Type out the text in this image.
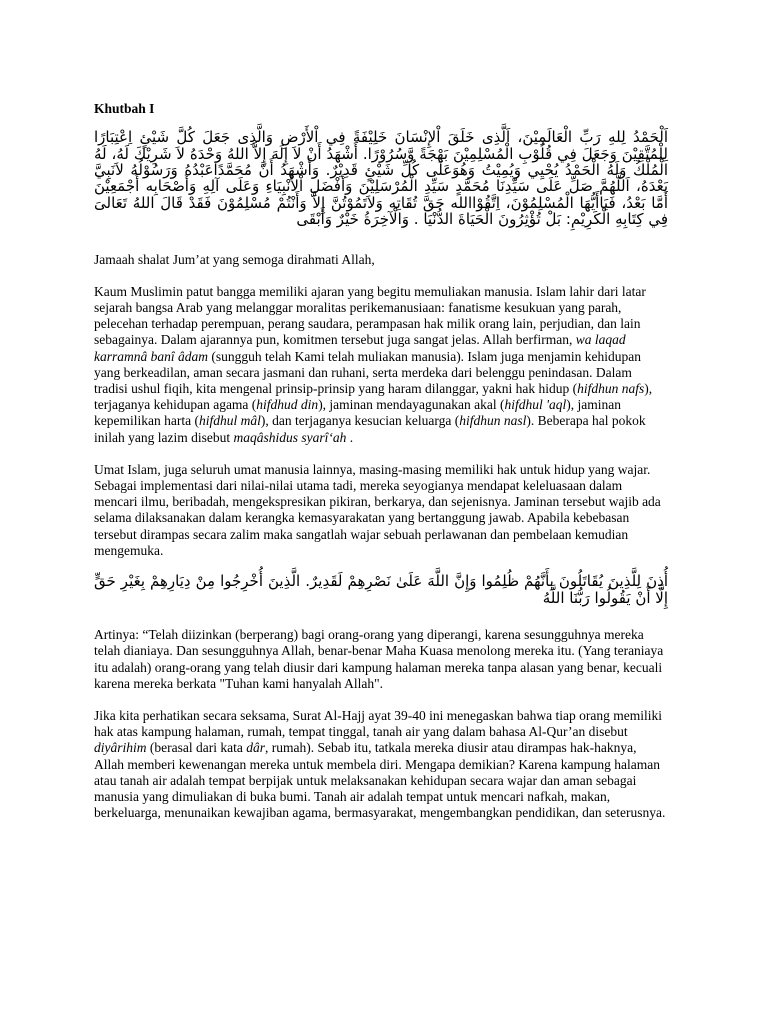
Khutbah I
اَلْحَمْدُ لِلهِ رَبِّ الْعَالَمِيْنَ، اَلَّذِى خَلَقَ اْلإِنْسَانَ خَلِيْفَةً فِي اْلأَرْضِ وَالَّذِى جَعَلَ كُلَّ شَيْئٍ اِعْتِبَارًا لِلْمُتَّقِيْنَ وَجَعَلَ فِي قُلُوْبِ الْمُسْلِمِيْنَ بَهْجَةً وَّسُرُوْرًا. أَشْهَدُ أَنْ لاَ إِلَهَ إِلاَّ اللهُ وَحْدَهُ لاَ شَرِيْكَ لَهُ، لَهُ الْمُلْكُ وَلَهُ الْحَمْدُ يُحْيِي وَيُمِيْتُ وَهُوَعَلَى كُلِّ شَيْئٍ قَدِيْرٌ. وَأَشْهَدُ أَنَّ مُحَمَّدًاعَبْدُهُ وَرَسُوْلُهُ لاَنَبِيَّ بَعْدَهُ، اَللَّهُمَّ صَلِّ عَلَى سَيِّدِنَا مُحَمَّدٍ سَيِّدِ الْمُرْسَلِيْنَ وَأَفْضَلِ اْلأَنْبِيَاءِ وَعَلَى آلِهِ وَأَصْحَابِه أَجْمَعِيْنَ أَمَّا بَعْدُ، فَيَاأَيُّهَا الْمُسْلِمُوْنَ، اِتَّقُوْاالله حَقَّ تُقَاتِه وَلاَتَمُوْتُنَّ إِلاَّ وَأَنْتُمْ مُسْلِمُوْنَ فَقَدْ قَالَ اللهُ تَعَالىَ فِي كِتَابِهِ الْكَرِيْمِ: بَلْ تُؤْثِرُونَ الْحَيَاةَ الدُّنْيَا . وَالْآخِرَةُ خَيْرٌ وَأَبْقَى

Jamaah shalat Jum’at yang semoga dirahmati Allah,

Kaum Muslimin patut bangga memiliki ajaran yang begitu memuliakan manusia. Islam lahir dari latar sejarah bangsa Arab yang melanggar moralitas perikemanusiaan: fanatisme kesukuan yang parah, pelecehan terhadap perempuan, perang saudara, perampasan hak milik orang lain, perjudian, dan lain sebagainya. Dalam ajarannya pun, komitmen tersebut juga sangat jelas. Allah berfirman, wa laqad karramnâ banî âdam (sungguh telah Kami telah muliakan manusia). Islam juga menjamin kehidupan yang berkeadilan, aman secara jasmani dan ruhani, serta merdeka dari belenggu penindasan. Dalam tradisi ushul fiqih, kita mengenal prinsip-prinsip yang haram dilanggar, yakni hak hidup (hifdhun nafs), terjaganya kehidupan agama (hifdhud din), jaminan mendayagunakan akal (hifdhul 'aql), jaminan kepemilikan harta (hifdhul mâl), dan terjaganya kesucian keluarga (hifdhun nasl). Beberapa hal pokok inilah yang lazim disebut maqâshidus syarî‘ah .

Umat Islam, juga seluruh umat manusia lainnya, masing-masing memiliki hak untuk hidup yang wajar. Sebagai implementasi dari nilai-nilai utama tadi, mereka seyogianya mendapat keleluasaan dalam mencari ilmu, beribadah, mengekspresikan pikiran, berkarya, dan sejenisnya. Jaminan tersebut wajib ada selama dilaksanakan dalam kerangka kemasyarakatan yang bertanggung jawab. Apabila kebebasan tersebut dirampas secara zalim maka sangatlah wajar sebuah perlawanan dan pembelaan kemudian mengemuka.

أُذِنَ لِلَّذِينَ يُقَاتَلُونَ بِأَنَّهُمْ ظُلِمُوا وَإِنَّ اللَّهَ عَلَىٰ نَصْرِهِمْ لَقَدِيرٌ. الَّذِينَ أُخْرِجُوا مِنْ دِيَارِهِمْ بِغَيْرِ حَقٍّ إِلَّا أَنْ يَقُولُوا رَبُّنَا اللَّهُ

Artinya: “Telah diizinkan (berperang) bagi orang-orang yang diperangi, karena sesungguhnya mereka telah dianiaya. Dan sesungguhnya Allah, benar-benar Maha Kuasa menolong mereka itu. (Yang teraniaya itu adalah) orang-orang yang telah diusir dari kampung halaman mereka tanpa alasan yang benar, kecuali karena mereka berkata "Tuhan kami hanyalah Allah".

Jika kita perhatikan secara seksama, Surat Al-Hajj ayat 39-40 ini menegaskan bahwa tiap orang memiliki hak atas kampung halaman, rumah, tempat tinggal, tanah air yang dalam bahasa Al-Qur’an disebut diyârihim (berasal dari kata dâr, rumah). Sebab itu, tatkala mereka diusir atau dirampas hak-haknya, Allah memberi kewenangan mereka untuk membela diri. Mengapa demikian? Karena kampung halaman atau tanah air adalah tempat berpijak untuk melaksanakan kehidupan secara wajar dan aman sebagai manusia yang dimuliakan di buka bumi. Tanah air adalah tempat untuk mencari nafkah, makan, berkeluarga, menunaikan kewajiban agama, bermasyarakat, mengembangkan pendidikan, dan seterusnya.
